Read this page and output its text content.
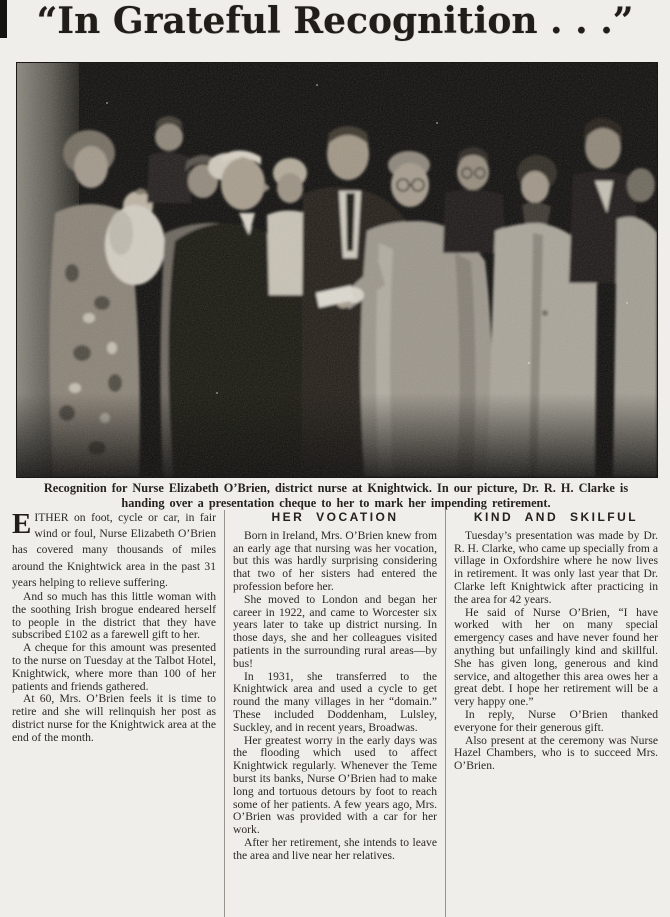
“In Grateful Recognition . . .”

Recognition for Nurse Elizabeth O’Brien, district nurse at Knightwick. In our picture, Dr. R. H. Clarke is handing over a presentation cheque to her to mark her impending retirement.

EITHER on foot, cycle or car, in fair wind or foul, Nurse Elizabeth O’Brien has covered many thousands of miles around the Knightwick area in the past 31 years helping to relieve suffering.

And so much has this little woman with the soothing Irish brogue endeared herself to people in the district that they have subscribed £102 as a farewell gift to her.

A cheque for this amount was presented to the nurse on Tuesday at the Talbot Hotel, Knightwick, where more than 100 of her patients and friends gathered.

At 60, Mrs. O’Brien feels it is time to retire and she will relinquish her post as district nurse for the Knightwick area at the end of the month.

HER VOCATION

Born in Ireland, Mrs. O’Brien knew from an early age that nursing was her vocation, but this was hardly surprising considering that two of her sisters had entered the profession before her.

She moved to London and began her career in 1922, and came to Worcester six years later to take up district nursing. In those days, she and her colleagues visited patients in the surrounding rural areas—by bus!

In 1931, she transferred to the Knightwick area and used a cycle to get round the many villages in her “domain.” These included Doddenham, Lulsley, Suckley, and in recent years, Broadwas.

Her greatest worry in the early days was the flooding which used to affect Knightwick regularly. Whenever the Teme burst its banks, Nurse O’Brien had to make long and tortuous detours by foot to reach some of her patients. A few years ago, Mrs. O’Brien was provided with a car for her work.

After her retirement, she intends to leave the area and live near her relatives.

KIND AND SKILFUL

Tuesday’s presentation was made by Dr. R. H. Clarke, who came up specially from a village in Oxfordshire where he now lives in retirement. It was only last year that Dr. Clarke left Knightwick after practicing in the area for 42 years.

He said of Nurse O’Brien, “I have worked with her on many special emergency cases and have never found her anything but unfailingly kind and skillful. She has given long, generous and kind service, and altogether this area owes her a great debt. I hope her retirement will be a very happy one.”

In reply, Nurse O’Brien thanked everyone for their generous gift.

Also present at the ceremony was Nurse Hazel Chambers, who is to succeed Mrs. O’Brien.
